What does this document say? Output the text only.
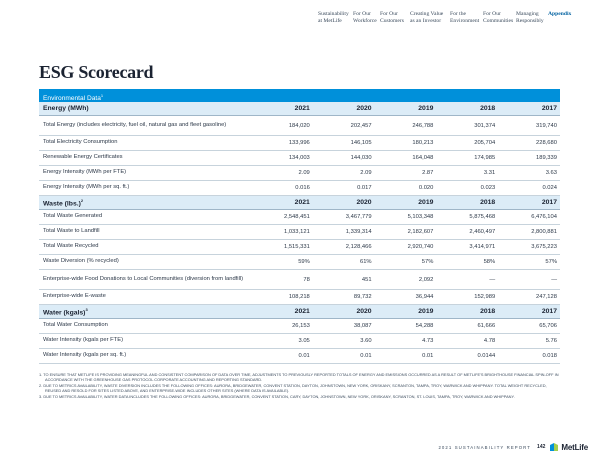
Sustainability
at MetLife
For Our
Workforce
For Our
Customers
Creating Value
as an Investor
For the
Environment
For Our
Communities
Managing
Responsibly
Appendix
ESG Scorecard
Environmental Data$^1$
Energy (MWh)	2021	2020	2019	2018	2017
Total Energy (includes electricity, fuel oil, natural gas and fleet gasoline)	184,020	202,457	246,788	301,374	319,740
Total Electricity Consumption	133,996	146,105	180,213	205,704	228,680
Renewable Energy Certificates	134,003	144,030	164,048	174,985	189,339
Energy Intensity (MWh per FTE)	2.09	2.09	2.87	3.31	3.63
Energy Intensity (MWh per sq. ft.)	0.016	0.017	0.020	0.023	0.024
Waste $(lbs.)^2$	2021	2020	2019	2018	2017
Total Waste Generated	2,548,451	3,467,779	5,103,348	5,875,468	6,476,104
Total Waste to Landfill	1,033,121	1,339,314	2,182,607	2,460,497	2,800,881
Total Waste Recycled	1,515,331	2,128,466	2,920,740	3,414,971	3,675,223
Waste Diversion (% recycled)	59%	61%	57%	58%	57%
Enterprise-wide Food Donations to Local Communities (diversion from landfill)	78	451	2,092	—	—
Enterprise-wide E-waste	108,218	89,732	36,944	152,989	247,128
Water (kgals)$^3$	2021	2020	2019	2018	2017
Total Water Consumption	26,153	38,087	54,288	61,666	65,706
Water Intensity (kgals per FTE)	3.05	3.60	4.73	4.78	5.76
Water Intensity (kgals per sq. ft.)	0.01	0.01	0.01	0.0144	0.018

1. TO ENSURE THAT METLIFE IS PROVIDING MEANINGFUL AND CONSISTENT COMPARISON OF DATA OVER TIME, ADJUSTMENTS TO PREVIOUSLY REPORTED TOTALS OF ENERGY AND EMISSIONS OCCURRED AS A RESULT OF METLIFE'S BRIGHTHOUSE FINANCIAL SPIN-OFF IN ACCORDANCE WITH THE GREENHOUSE GAS PROTOCOL CORPORATE ACCOUNTING AND REPORTING STANDARD.

2. DUE TO METRICS AVAILABILITY, WASTE DIVERSION INCLUDES THE FOLLOWING OFFICES: AURORA, BRIDGEWATER, CONVENT STATION, DAYTON, JOHNSTOWN, NEW YORK, ORISKANY, SCRANTON, TAMPA, TROY, WARWICK AND WHIPPANY. TOTAL WEIGHT RECYCLED, REUSED AND RESOLD FOR SITES LISTED ABOVE, AND ENTERPRISE-WIDE INCLUDES OTHER SITES (WHERE DATA IS AVAILABLE).

3. DUE TO METRICS AVAILABILITY, WATER DATA INCLUDES THE FOLLOWING OFFICES: AURORA, BRIDGEWATER, CONVENT STATION, CARY, DAYTON, JOHNSTOWN, NEW YORK, ORISKANY, SCRANTON, ST. LOUIS, TAMPA, TROY, WARWICK AND WHIPPANY.

2021 SUSTAINABILITY REPORT 142 MetLife
